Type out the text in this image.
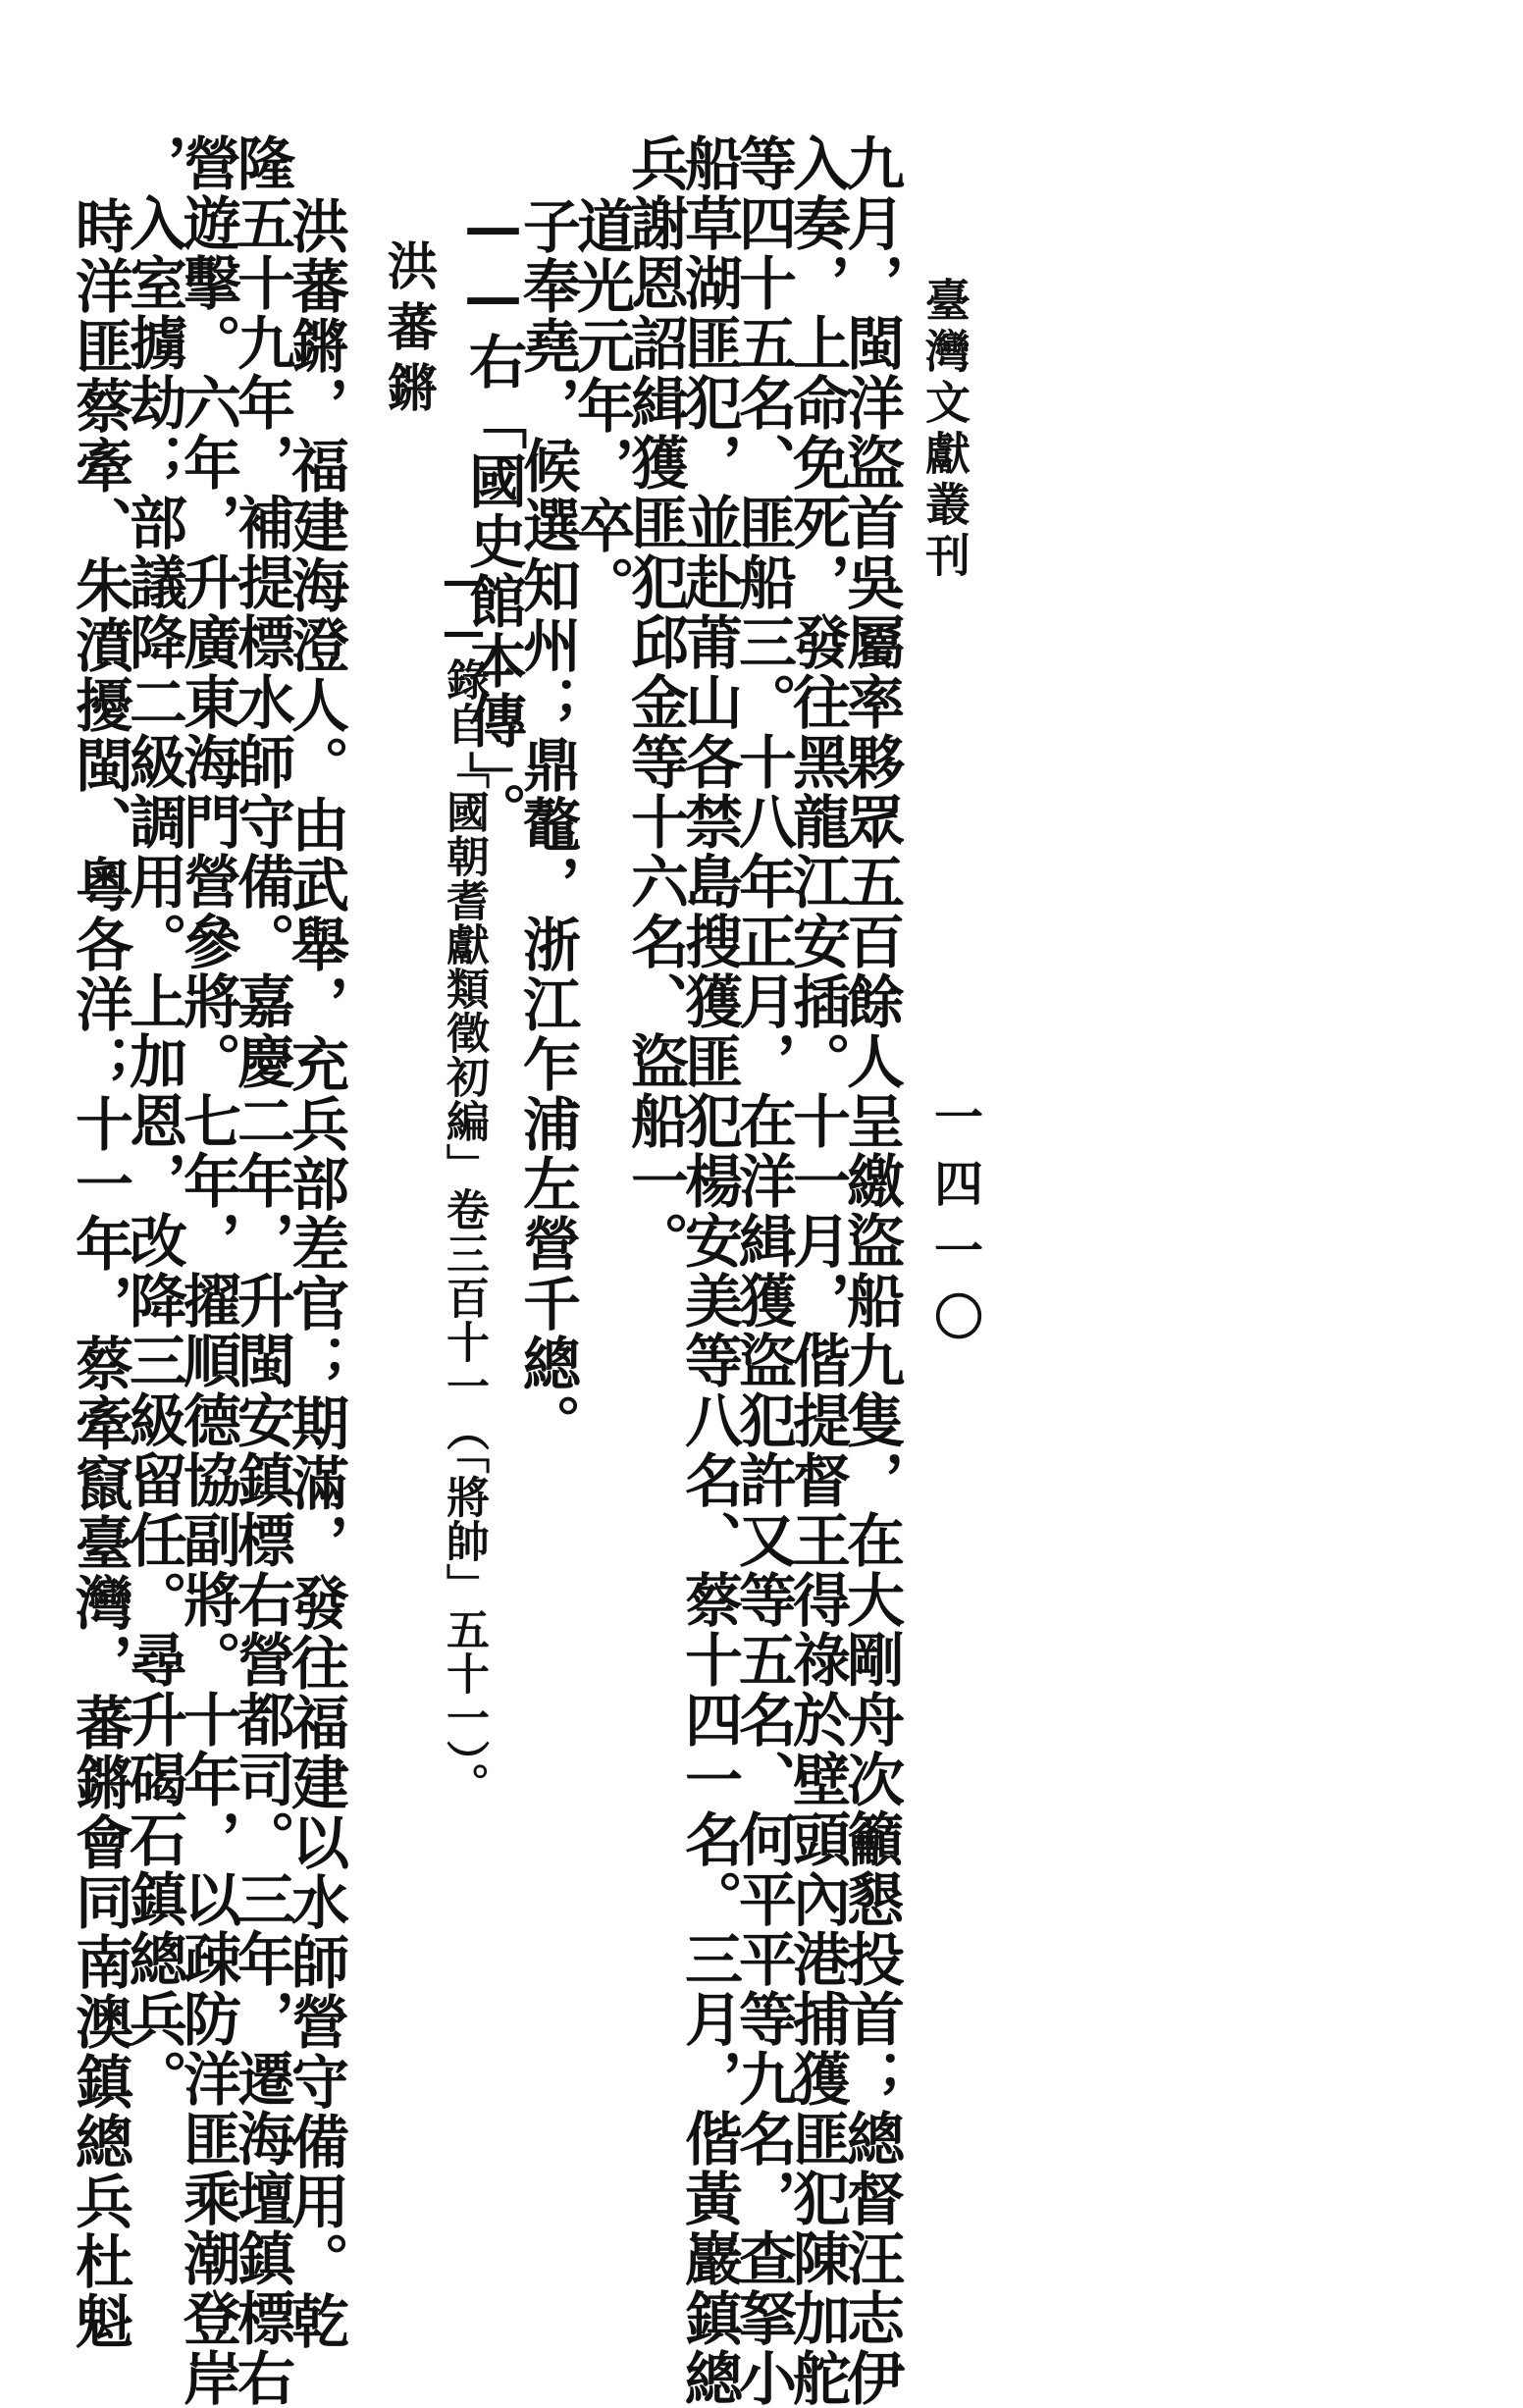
臺灣文獻叢刊
一四一〇
九月，閩洋盜首吳屬率夥眾五百餘人呈繳盜船九隻，在大剛舟次籲懇投首；總督汪志伊
入奏，上命免死，發往黑龍江安插。十一月，偕提督王得祿於壁頭內港捕獲匪犯陳加舵
等四十五名、匪船三。十八年正月，在洋緝獲盜犯許又等五名、何平平等九名，查拏小
船草湖匪犯，並赴莆山各禁島搜獲匪犯楊安美等八名、蔡十四一名。三月，偕黃巖鎮總
兵謝恩詔緝獲匪犯邱金等十六名、盜船一。
道光元年，卒。
子奉堯，候選知州；鼎鼇，浙江乍浦左營千總。
——右「國史館本傳」。
——錄自「國朝耆獻類徵初編」卷三百十一（「將帥」五十一）。
洪蕃鏘
洪蕃鏘，福建海澄人。由武舉，充兵部差官；期滿，發往福建以水師營守備用。乾
隆五十九年，補提標水師守備。嘉慶二年，升閩安鎮標右營都司。三年，遷海壇鎮標右
營遊擊。六年，升廣東海門營參將。七年，擢順德協副將。十年，以疎防洋匪乘潮登岸
，入室擄劫；部議降二級調用。上加恩，改降三級留任。尋升碣石鎮總兵。
時洋匪蔡牽、朱濆擾閩、粵各洋；十一年，蔡牽竄臺灣，蕃鏘會同南澳鎮總兵杜魁
